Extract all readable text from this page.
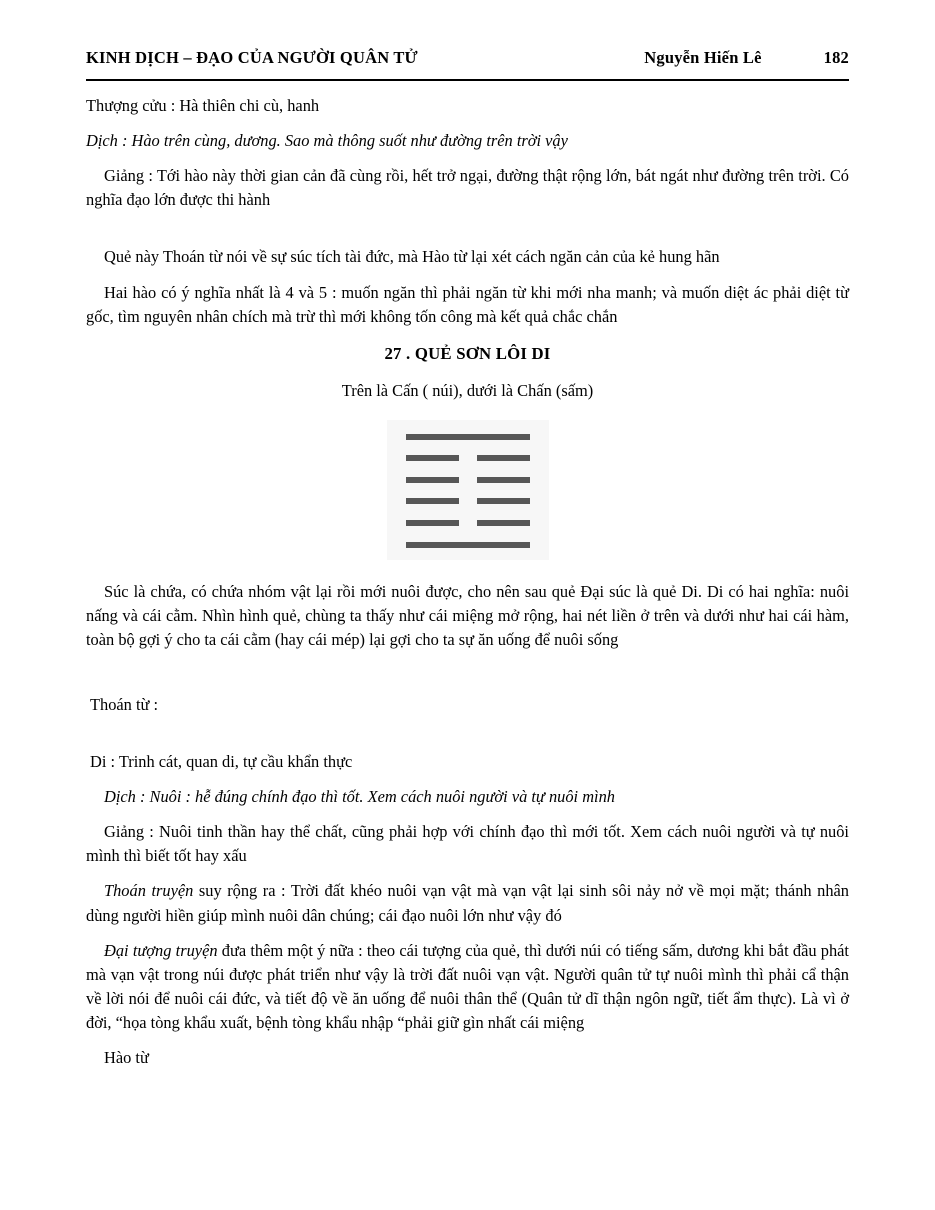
KINH DỊCH – ĐẠO CỦA NGƯỜI QUÂN TỬ	Nguyễn Hiến Lê	182

Thượng cửu : Hà thiên chi cù, hanh

Dịch : Hào trên cùng, dương. Sao mà thông suốt như đường trên trời vậy

Giảng : Tới hào này thời gian cản đã cùng rồi, hết trở ngại, đường thật rộng lớn, bát ngát như đường trên trời. Có nghĩa đạo lớn được thi hành

Quẻ này Thoán từ nói về sự súc tích tài đức, mà Hào từ lại xét cách ngăn cản của kẻ hung hãn

Hai hào có ý nghĩa nhất là 4 và 5 : muốn ngăn thì phải ngăn từ khi mới nha manh; và muốn diệt ác phải diệt từ gốc, tìm nguyên nhân chích mà trừ thì mới không tốn công mà kết quả chắc chắn

27 . QUẺ SƠN LÔI DI

Trên là Cấn ( núi), dưới là Chấn (sấm)

Súc là chứa, có chứa nhóm vật lại rồi mới nuôi được, cho nên sau quẻ Đại súc là quẻ Di. Di có hai nghĩa: nuôi nấng và cái cằm. Nhìn hình quẻ, chùng ta thấy như cái miệng mở rộng, hai nét liền ở trên và dưới như hai cái hàm, toàn bộ gợi ý cho ta cái cằm (hay cái mép) lại gợi cho ta sự ăn uống để nuôi sống

Thoán từ :

Di : Trinh cát, quan di, tự cầu khẩn thực

Dịch : Nuôi : hễ đúng chính đạo thì tốt. Xem cách nuôi người và tự nuôi mình

Giảng : Nuôi tinh thần hay thể chất, cũng phải hợp với chính đạo thì mới tốt. Xem cách nuôi người và tự nuôi mình thì biết tốt hay xấu

Thoán truyện suy rộng ra : Trời đất khéo nuôi vạn vật mà vạn vật lại sinh sôi nảy nở về mọi mặt; thánh nhân dùng người hiền giúp mình nuôi dân chúng; cái đạo nuôi lớn như vậy đó

Đại tượng truyện đưa thêm một ý nữa : theo cái tượng của quẻ, thì dưới núi có tiếng sấm, dương khi bắt đầu phát mà vạn vật trong núi được phát triển như vậy là trời đất nuôi vạn vật. Người quân tử tự nuôi mình thì phải cẩ thận về lời nói để nuôi cái đức, và tiết độ về ăn uống để nuôi thân thể (Quân tử dĩ thận ngôn ngữ, tiết ẩm thực). Là vì ở đời, “họa tòng khẩu xuất, bệnh tòng khẩu nhập “phải giữ gìn nhất cái miệng

Hào từ
